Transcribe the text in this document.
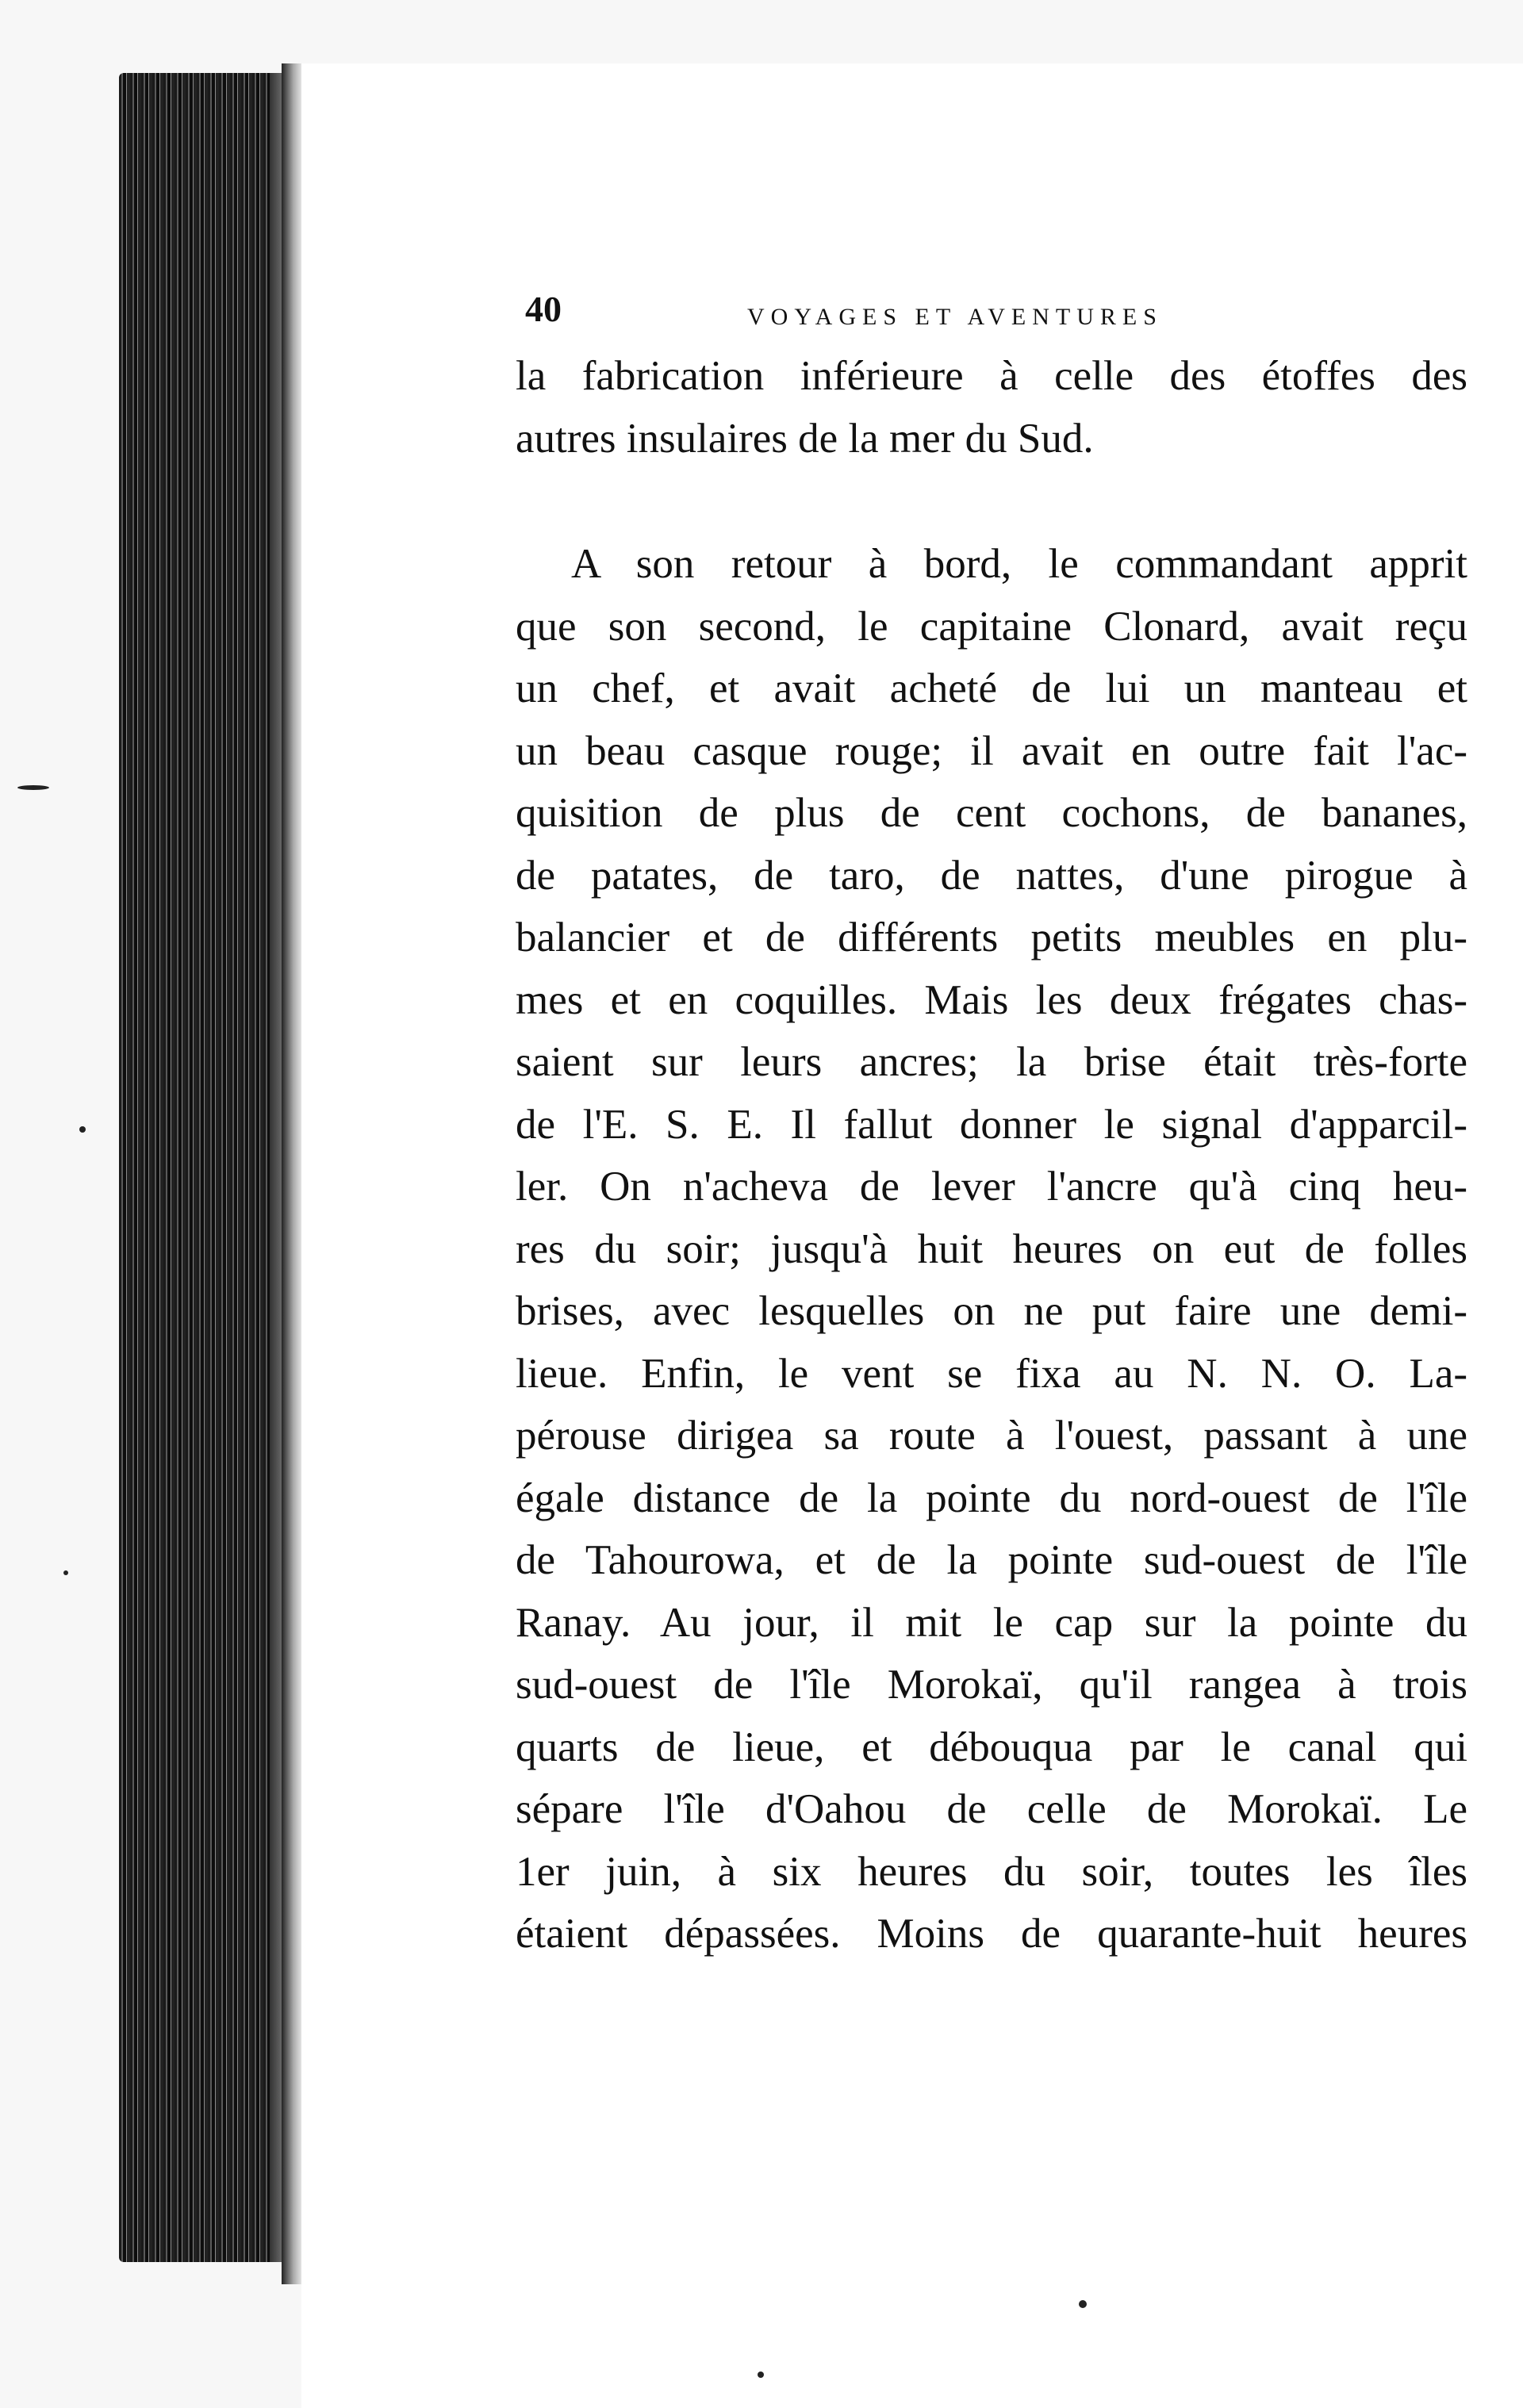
40	VOYAGES ET AVENTURES
la fabrication inférieure à celle des étoffes des
autres insulaires de la mer du Sud.
A son retour à bord, le commandant apprit
que son second, le capitaine Clonard, avait reçu
un chef, et avait acheté de lui un manteau et
un beau casque rouge; il avait en outre fait l'ac-
quisition de plus de cent cochons, de bananes,
de patates, de taro, de nattes, d'une pirogue à
balancier et de différents petits meubles en plu-
mes et en coquilles. Mais les deux frégates chas-
saient sur leurs ancres; la brise était très-forte
de l'E. S. E. Il fallut donner le signal d'apparcil-
ler. On n'acheva de lever l'ancre qu'à cinq heu-
res du soir; jusqu'à huit heures on eut de folles
brises, avec lesquelles on ne put faire une demi-
lieue. Enfin, le vent se fixa au N. N. O. La-
pérouse dirigea sa route à l'ouest, passant à une
égale distance de la pointe du nord-ouest de l'île
de Tahourowa, et de la pointe sud-ouest de l'île
Ranay. Au jour, il mit le cap sur la pointe du
sud-ouest de l'île Morokaï, qu'il rangea à trois
quarts de lieue, et débouqua par le canal qui
sépare l'île d'Oahou de celle de Morokaï. Le
1er juin, à six heures du soir, toutes les îles
étaient dépassées. Moins de quarante-huit heures
